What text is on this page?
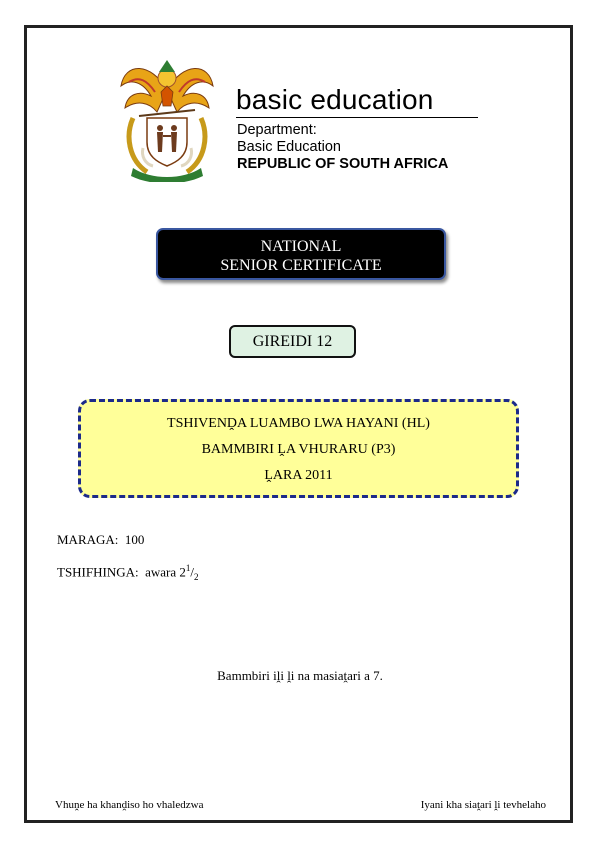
basic education
Department:
Basic Education
REPUBLIC OF SOUTH AFRICA
NATIONAL
SENIOR CERTIFICATE
GIREIDI 12
TSHIVENḒA LUAMBO LWA HAYANI (HL)
BAMMBIRI ḼA VHURARU (P3)
ḼARA 2011
MARAGA: 100
TSHIFHINGA: awara $2^1/_2$
Bammbiri iḽi ḽi na masiaṱari a 7.
Vhuṋe ha khanḓiso ho vhaledzwa	Iyani kha siaṱari ḽi tevhelaho
